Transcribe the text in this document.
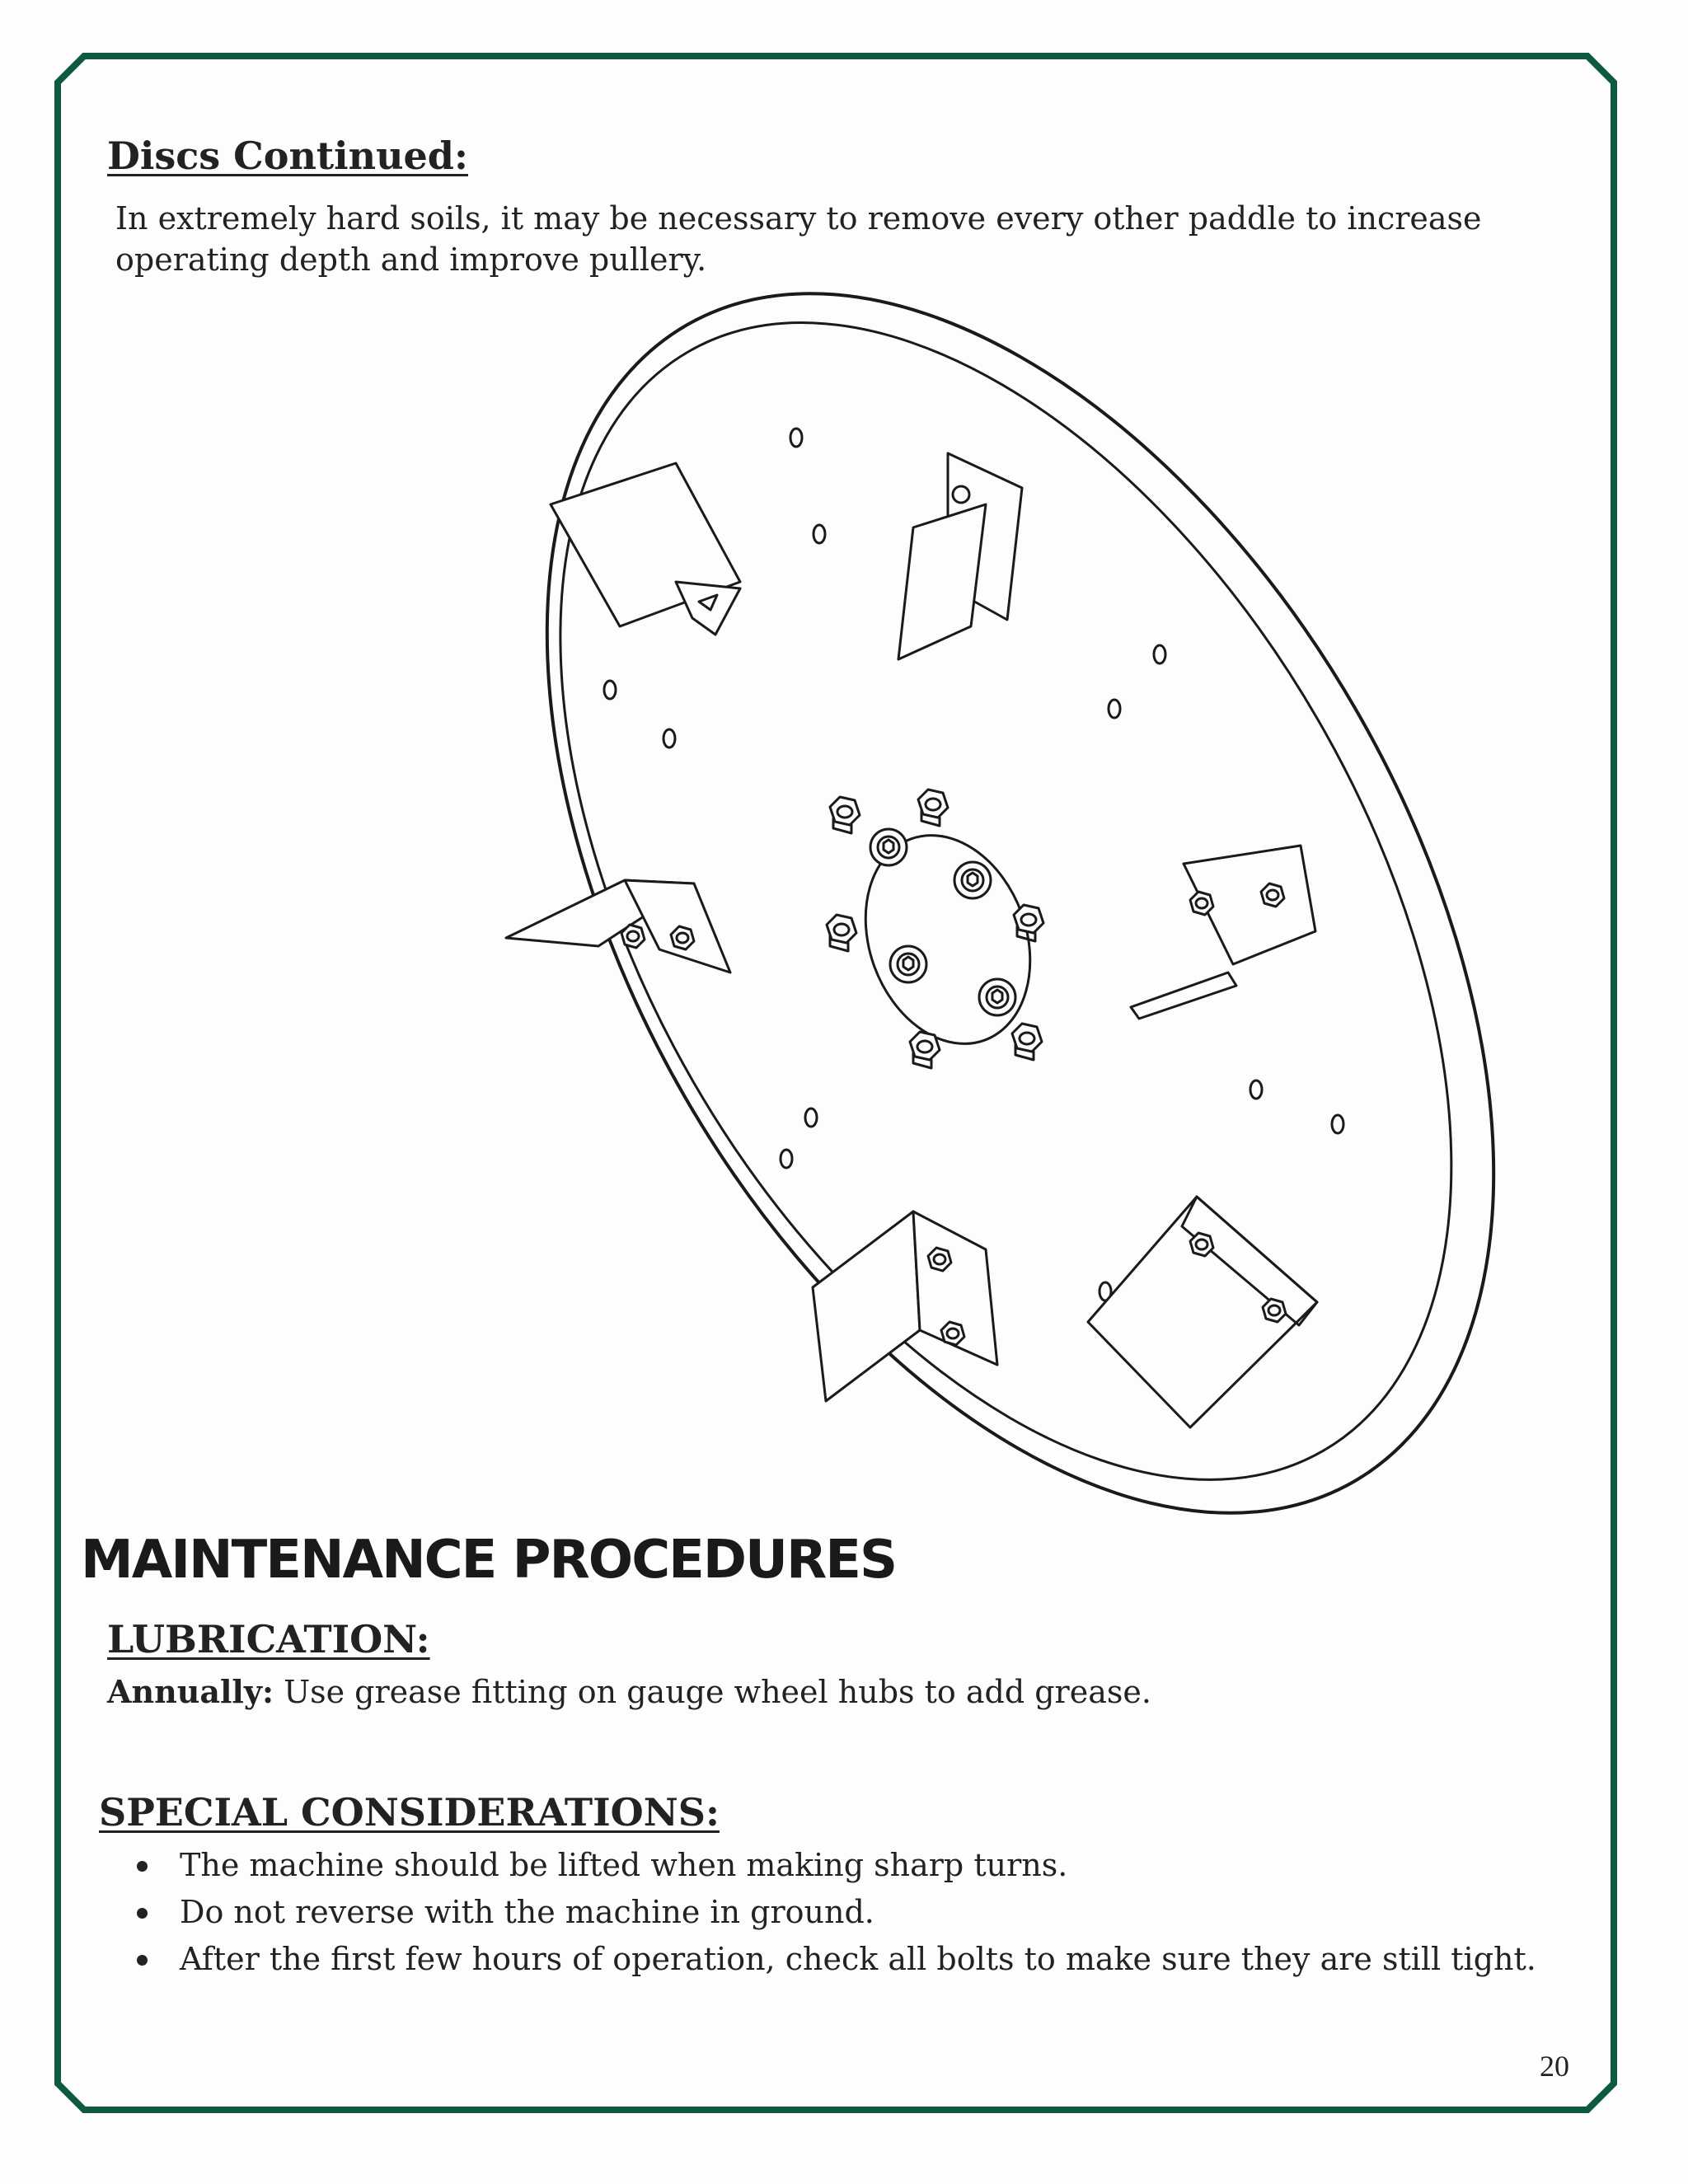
Discs Continued:

In extremely hard soils, it may be necessary to remove every other paddle to increase operating depth and improve pullery.

MAINTENANCE PROCEDURES
LUBRICATION:

Annually: Use grease fitting on gauge wheel hubs to add grease.

SPECIAL CONSIDERATIONS:
The machine should be lifted when making sharp turns.
Do not reverse with the machine in ground.
After the first few hours of operation, check all bolts to make sure they are still tight.

20
